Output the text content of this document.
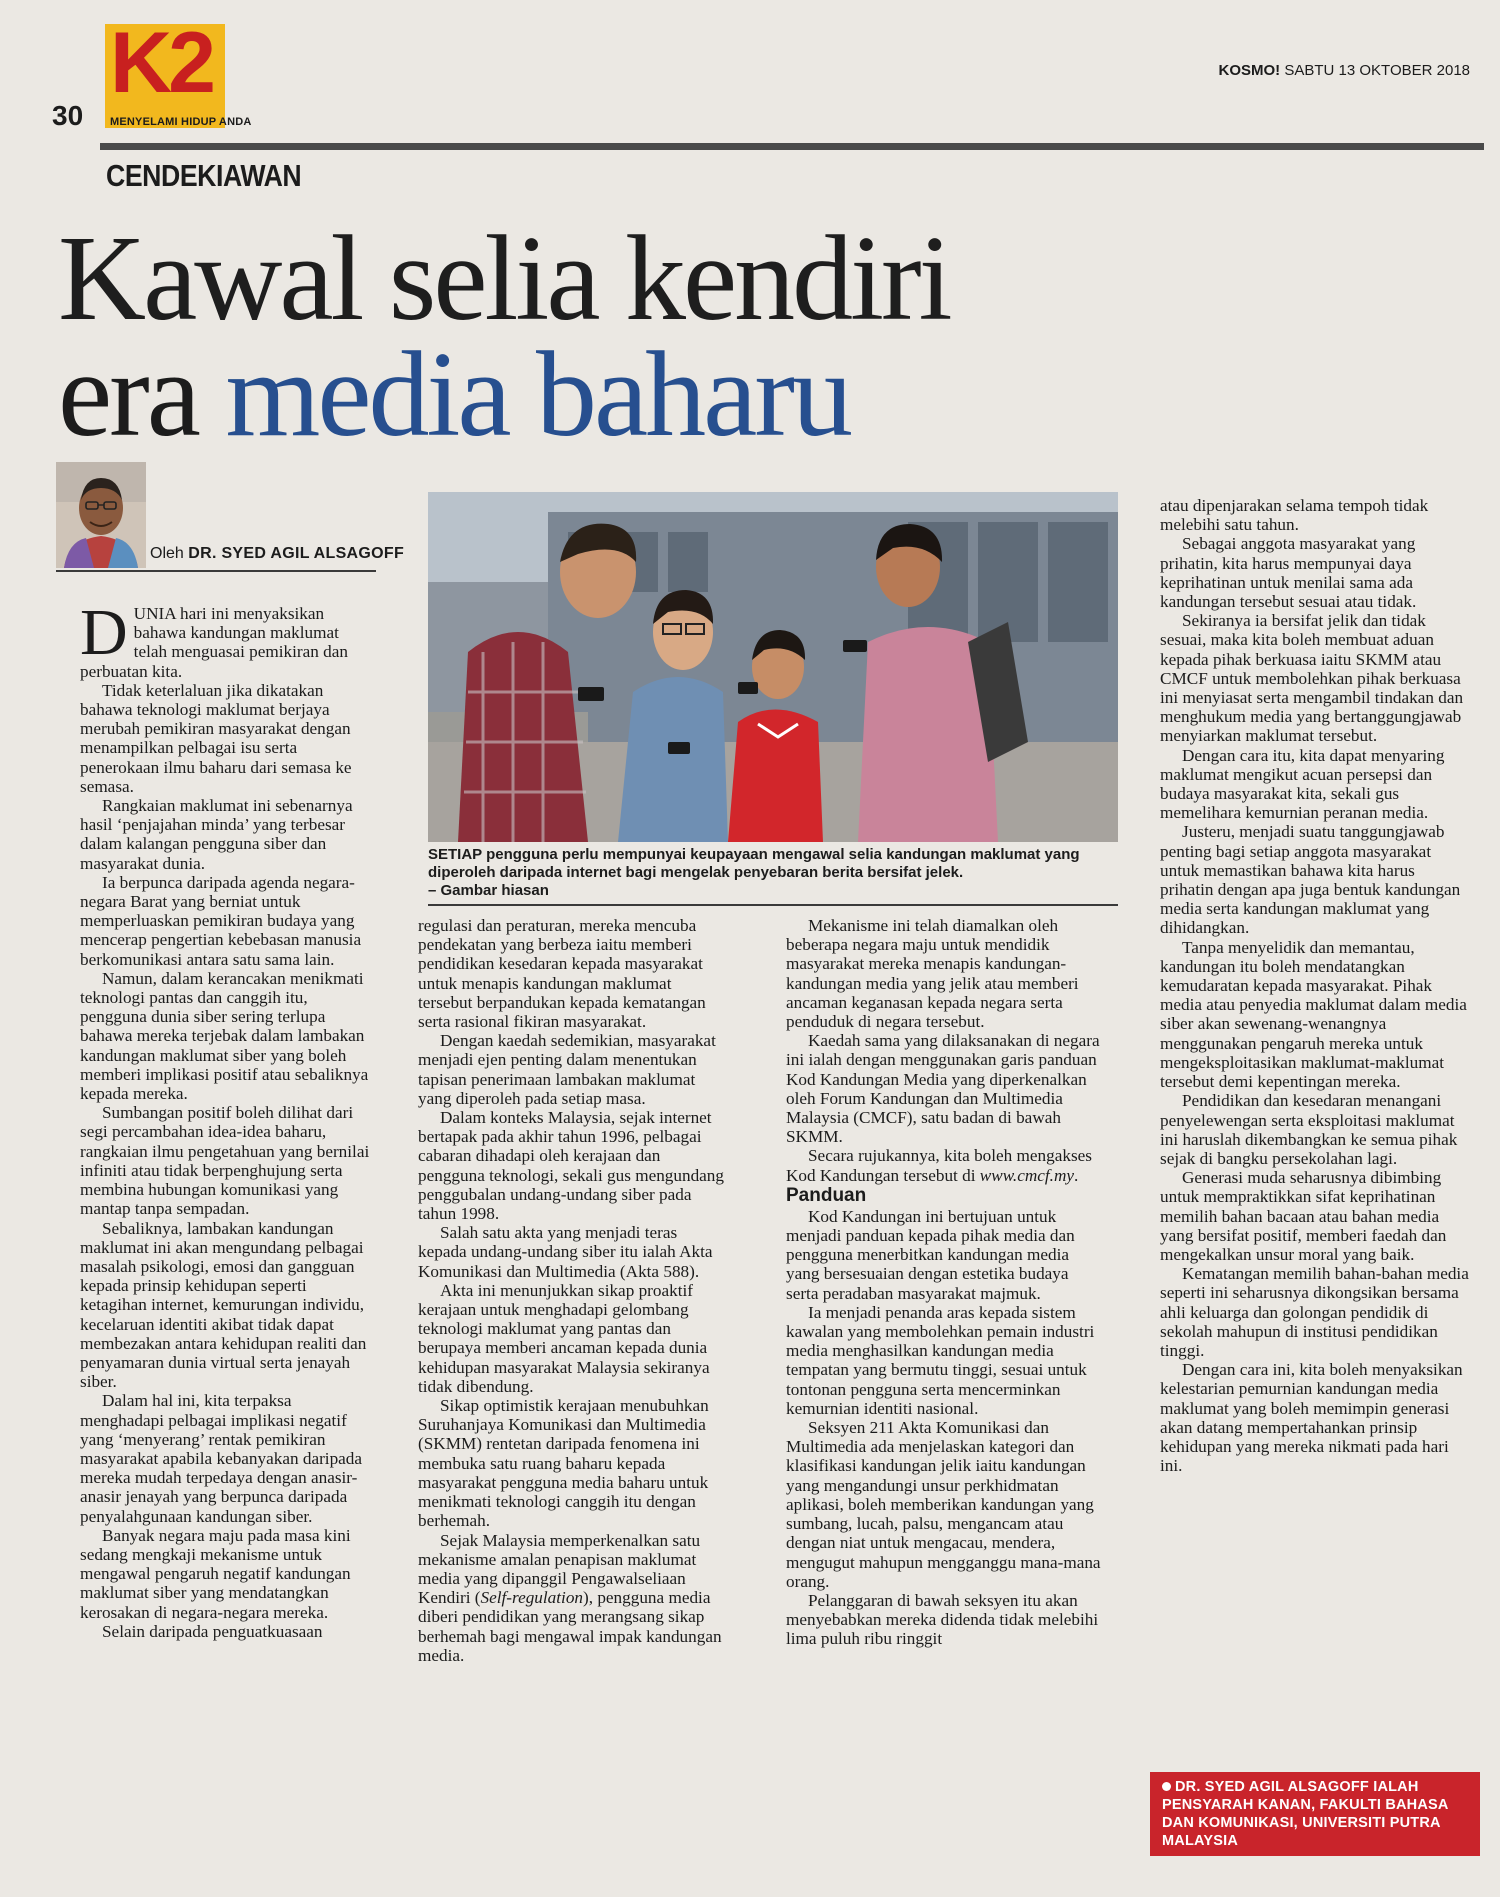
K2
MENYELAMI HIDUP ANDA
30
KOSMO! SABTU 13 OKTOBER 2018
CENDEKIAWAN
Kawal selia kendiri
era media baharu
Oleh DR. SYED AGIL ALSAGOFF
SETIAP pengguna perlu mempunyai keupayaan mengawal selia kandungan maklumat yang diperoleh daripada internet bagi mengelak penyebaran berita bersifat jelek.
– Gambar hiasan
D UNIA hari ini menyaksikan bahawa kandungan maklumat telah menguasai pemikiran dan perbuatan kita.

Tidak keterlaluan jika dikatakan bahawa teknologi maklumat berjaya merubah pemikiran masyarakat dengan menampilkan pelbagai isu serta penerokaan ilmu baharu dari semasa ke semasa.

Rangkaian maklumat ini sebenarnya hasil ‘penjajahan minda’ yang terbesar dalam kalangan pengguna siber dan masyarakat dunia.

Ia berpunca daripada agenda negara-negara Barat yang berniat untuk memperluaskan pemikiran budaya yang mencerap pengertian kebebasan manusia berkomunikasi antara satu sama lain.

Namun, dalam kerancakan menikmati teknologi pantas dan canggih itu, pengguna dunia siber sering terlupa bahawa mereka terjebak dalam lambakan kandungan maklumat siber yang boleh memberi implikasi positif atau sebaliknya kepada mereka.

Sumbangan positif boleh dilihat dari segi percambahan idea-idea baharu, rangkaian ilmu pengetahuan yang bernilai infiniti atau tidak berpenghujung serta membina hubungan komunikasi yang mantap tanpa sempadan.

Sebaliknya, lambakan kandungan maklumat ini akan mengundang pelbagai masalah psikologi, emosi dan gangguan kepada prinsip kehidupan seperti ketagihan internet, kemurungan individu, kecelaruan identiti akibat tidak dapat membezakan antara kehidupan realiti dan penyamaran dunia virtual serta jenayah siber.

Dalam hal ini, kita terpaksa menghadapi pelbagai implikasi negatif yang ‘menyerang’ rentak pemikiran masyarakat apabila kebanyakan daripada mereka mudah terpedaya dengan anasir-anasir jenayah yang berpunca daripada penyalahgunaan kandungan siber.

Banyak negara maju pada masa kini sedang mengkaji mekanisme untuk mengawal pengaruh negatif kandungan maklumat siber yang mendatangkan kerosakan di negara-negara mereka.

Selain daripada penguatkuasaan

regulasi dan peraturan, mereka mencuba pendekatan yang berbeza iaitu memberi pendidikan kesedaran kepada masyarakat untuk menapis kandungan maklumat tersebut berpandukan kepada kematangan serta rasional fikiran masyarakat.

Dengan kaedah sedemikian, masyarakat menjadi ejen penting dalam menentukan tapisan penerimaan lambakan maklumat yang diperoleh pada setiap masa.

Dalam konteks Malaysia, sejak internet bertapak pada akhir tahun 1996, pelbagai cabaran dihadapi oleh kerajaan dan pengguna teknologi, sekali gus mengundang penggubalan undang-undang siber pada tahun 1998.

Salah satu akta yang menjadi teras kepada undang-undang siber itu ialah Akta Komunikasi dan Multimedia (Akta 588).

Akta ini menunjukkan sikap proaktif kerajaan untuk menghadapi gelombang teknologi maklumat yang pantas dan berupaya memberi ancaman kepada dunia kehidupan masyarakat Malaysia sekiranya tidak dibendung.

Sikap optimistik kerajaan menubuhkan Suruhanjaya Komunikasi dan Multimedia (SKMM) rentetan daripada fenomena ini membuka satu ruang baharu kepada masyarakat pengguna media baharu untuk menikmati teknologi canggih itu dengan berhemah.

Sejak Malaysia memperkenalkan satu mekanisme amalan penapisan maklumat media yang dipanggil Pengawalseliaan Kendiri (Self-regulation), pengguna media diberi pendidikan yang merangsang sikap berhemah bagi mengawal impak kandungan media.

Mekanisme ini telah diamalkan oleh beberapa negara maju untuk mendidik masyarakat mereka menapis kandungan-kandungan media yang jelik atau memberi ancaman keganasan kepada negara serta penduduk di negara tersebut.

Kaedah sama yang dilaksanakan di negara ini ialah dengan menggunakan garis panduan Kod Kandungan Media yang diperkenalkan oleh Forum Kandungan dan Multimedia Malaysia (CMCF), satu badan di bawah SKMM.

Secara rujukannya, kita boleh mengakses Kod Kandungan tersebut di www.cmcf.my.

Panduan

Kod Kandungan ini bertujuan untuk menjadi panduan kepada pihak media dan pengguna menerbitkan kandungan media yang bersesuaian dengan estetika budaya serta peradaban masyarakat majmuk.

Ia menjadi penanda aras kepada sistem kawalan yang membolehkan pemain industri media menghasilkan kandungan media tempatan yang bermutu tinggi, sesuai untuk tontonan pengguna serta mencerminkan kemurnian identiti nasional.

Seksyen 211 Akta Komunikasi dan Multimedia ada menjelaskan kategori dan klasifikasi kandungan jelik iaitu kandungan yang mengandungi unsur perkhidmatan aplikasi, boleh memberikan kandungan yang sumbang, lucah, palsu, mengancam atau dengan niat untuk mengacau, mendera, mengugut mahupun mengganggu mana-mana orang.

Pelanggaran di bawah seksyen itu akan menyebabkan mereka didenda tidak melebihi lima puluh ribu ringgit

atau dipenjarakan selama tempoh tidak melebihi satu tahun.

Sebagai anggota masyarakat yang prihatin, kita harus mempunyai daya keprihatinan untuk menilai sama ada kandungan tersebut sesuai atau tidak.

Sekiranya ia bersifat jelik dan tidak sesuai, maka kita boleh membuat aduan kepada pihak berkuasa iaitu SKMM atau CMCF untuk membolehkan pihak berkuasa ini menyiasat serta mengambil tindakan dan menghukum media yang bertanggungjawab menyiarkan maklumat tersebut.

Dengan cara itu, kita dapat menyaring maklumat mengikut acuan persepsi dan budaya masyarakat kita, sekali gus memelihara kemurnian peranan media.

Justeru, menjadi suatu tanggungjawab penting bagi setiap anggota masyarakat untuk memastikan bahawa kita harus prihatin dengan apa juga bentuk kandungan media serta kandungan maklumat yang dihidangkan.

Tanpa menyelidik dan memantau, kandungan itu boleh mendatangkan kemudaratan kepada masyarakat. Pihak media atau penyedia maklumat dalam media siber akan sewenang-wenangnya menggunakan pengaruh mereka untuk mengeksploitasikan maklumat-maklumat tersebut demi kepentingan mereka.

Pendidikan dan kesedaran menangani penyelewengan serta eksploitasi maklumat ini haruslah dikembangkan ke semua pihak sejak di bangku persekolahan lagi.

Generasi muda seharusnya dibimbing untuk mempraktikkan sifat keprihatinan memilih bahan bacaan atau bahan media yang bersifat positif, memberi faedah dan mengekalkan unsur moral yang baik.

Kematangan memilih bahan-bahan media seperti ini seharusnya dikongsikan bersama ahli keluarga dan golongan pendidik di sekolah mahupun di institusi pendidikan tinggi.

Dengan cara ini, kita boleh menyaksikan kelestarian pemurnian kandungan media maklumat yang boleh memimpin generasi akan datang mempertahankan prinsip kehidupan yang mereka nikmati pada hari ini.

DR. SYED AGIL ALSAGOFF IALAH PENSYARAH KANAN, FAKULTI BAHASA DAN KOMUNIKASI, UNIVERSITI PUTRA MALAYSIA
